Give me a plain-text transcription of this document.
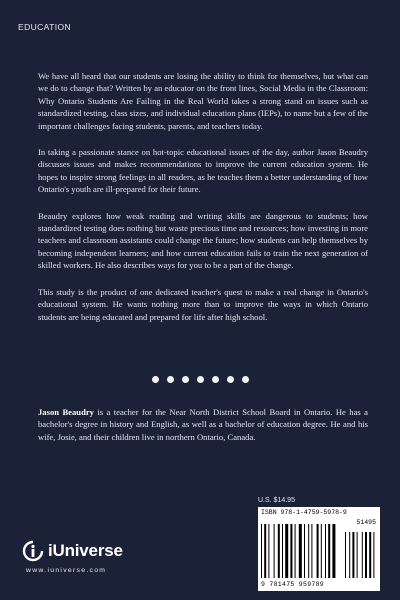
EDUCATION

We have all heard that our students are losing the ability to think for themselves, but what can we do to change that? Written by an educator on the front lines, Social Media in the Classroom: Why Ontario Students Are Failing in the Real World takes a strong stand on issues such as standardized testing, class sizes, and individual education plans (IEPs), to name but a few of the important challenges facing students, parents, and teachers today.

In taking a passionate stance on hot-topic educational issues of the day, author Jason Beaudry discusses issues and makes recommendations to improve the current education system. He hopes to inspire strong feelings in all readers, as he teaches them a better understanding of how Ontario's youth are ill-prepared for their future.

Beaudry explores how weak reading and writing skills are dangerous to students; how standardized testing does nothing but waste precious time and resources; how investing in more teachers and classroom assistants could change the future; how students can help themselves by becoming independent learners; and how current education fails to train the next generation of skilled workers. He also describes ways for you to be a part of the change.

This study is the product of one dedicated teacher's quest to make a real change in Ontario's educational system. He wants nothing more than to improve the ways in which Ontario students are being educated and prepared for life after high school.

Jason Beaudry is a teacher for the Near North District School Board in Ontario. He has a bachelor's degree in history and English, as well as a bachelor of education degree. He and his wife, Josie, and their children live in northern Ontario, Canada.
iUniverse
www.iuniverse.com
U.S. $14.95
ISBN 978-1-4759-5978-9
51495
9 781475 959789
